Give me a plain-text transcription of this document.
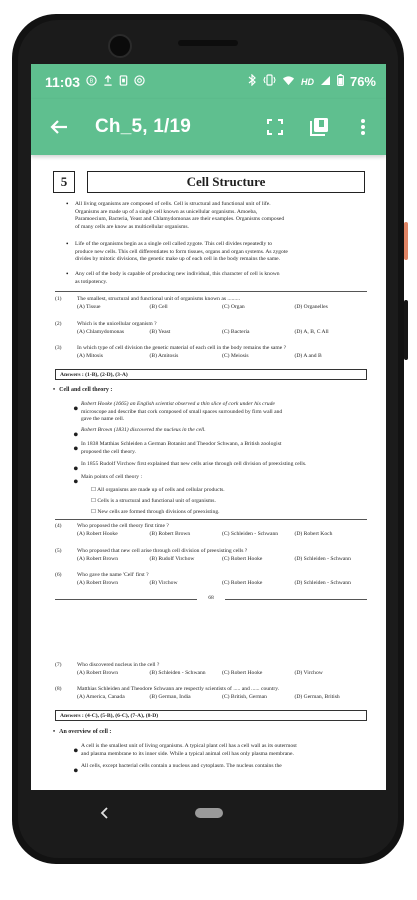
11:03 B	HD	76%
Ch_5, 1/19
5	Cell Structure
• All living organisms are composed of cells. Cell is structural and functional unit of life.

Organisms are made up of a single cell known as unicellular organisms. Amoeba,

Paramoecium, Bacteria, Yeast and Chlamydomonas are their examples. Organisms composed

of many cells are know as multicellular organisms.

• Life of the organisms begin as a single cell called zygote. This cell divides repeatedly to

produce new cells. This cell differentiates to form tissues, organs and organ systems. As zygote

divides by mitotic divisions, the genetic make up of each cell in the body remains the same.

• Any cell of the body is capable of producing new individual, this character of cell is known

as totipotency.

(1)	The smallest, structural and functional unit of organisms known as .........
(A) Tissue	(B) Cell	(C) Organ	(D) Organelles
(2)	Which is the unicellular organism ?
(A) Chlamydomonas	(B) Yeast	(C) Bacteria	(D) A, B, C All
(3)	In which type of cell division the genetic material of each cell in the body remains the same ?
(A) Mitosis	(B) Amitosis	(C) Meiosis	(D) A and B
Answers : (1-B), (2-D), (3-A)
• Cell and cell theory :
• Robert Hooke (1665) an English scientist observed a thin slice of cork under his crude

microscope and describe that cork composed of small spaces surrounded by firm wall and

gave the name cell.

• Robert Brown (1831) discovered the nucleus in the cell.

• In 1838 Matthias Schleiden a German Botanist and Theodor Schwann, a British zoologist

proposed the cell theory.

• In 1855 Rudolf Virchow first explained that new cells arise through cell division of preexisting cells.

• Main points of cell theory :

☐ All organisms are made up of cells and cellular products.
☐ Cells is a structural and functional unit of organisms.
☐ New cells are formed through divisions of preexisting.
(4)	Who proposed the cell theory first time ?
(A) Robert Hooke	(B) Robert Brown	(C) Schleiden - Schwann	(D) Robert Koch
(5)	Who proposed that new cell arise through cell division of preexisting cells ?
(A) Robert Brown	(B) Rudolf Virchow	(C) Robert Hooke	(D) Schleiden - Schwann
(6)	Who gave the name 'Cell' first ?
(A) Robert Brown	(B) Virchow	(C) Robert Hooke	(D) Schleiden - Schwann
68
(7)	Who discovered nucleus in the cell ?
(A) Robert Brown	(B) Schleiden - Schwann	(C) Robert Hooke	(D) Virchow
(8)	Matthias Schleiden and Theodore Schwann are respectly scientists of ..... and ...... country.
(A) America, Canada	(B) German, India	(C) British, German	(D) German, British
Answers : (4-C), (5-B), (6-C), (7-A), (8-D)
• An overview of cell :
• A cell is the smallest unit of living organisms. A typical plant cell has a cell wall as its outermost

and plasma membrane to its inner side. While a typical animal cell has only plasma membrane.

• All cells, except bacterial cells contain a nucleus and cytoplasm. The nucleus contains the
